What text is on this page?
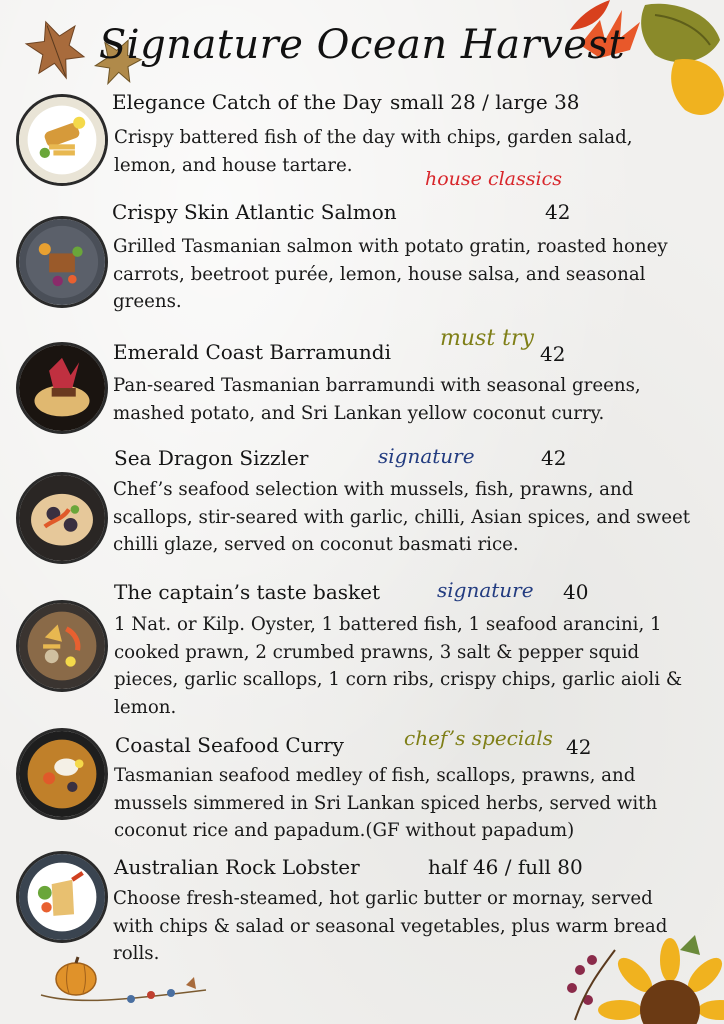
Signature Ocean Harvest
Elegance Catch of the Day small 28 / large 38
Crispy battered fish of the day with chips, garden salad, lemon, and house tartare.
house classics
Crispy Skin Atlantic Salmon	42
Grilled Tasmanian salmon with potato gratin, roasted honey carrots, beetroot purée, lemon, house salsa, and seasonal greens.
Emerald Coast Barramundi
must try
42
Pan-seared Tasmanian barramundi with seasonal greens, mashed potato, and Sri Lankan yellow coconut curry.
Sea Dragon Sizzler	signature	42
Chef’s seafood selection with mussels, fish, prawns, and scallops, stir-seared with garlic, chilli, Asian spices, and sweet chilli glaze, served on coconut basmati rice.
The captain’s taste basket	signature 40
1 Nat. or Kilp. Oyster, 1 battered fish, 1 seafood arancini, 1 cooked prawn, 2 crumbed prawns, 3 salt & pepper squid pieces, garlic scallops, 1 corn ribs, crispy chips, garlic aioli & lemon.
Coastal Seafood Curry	chef’s specials 42
Tasmanian seafood medley of fish, scallops, prawns, and mussels simmered in Sri Lankan spiced herbs, served with coconut rice and papadum.(GF without papadum)
Australian Rock Lobster	half 46 / full 80
Choose fresh-steamed, hot garlic butter or mornay, served with chips & salad or seasonal vegetables, plus warm bread rolls.
